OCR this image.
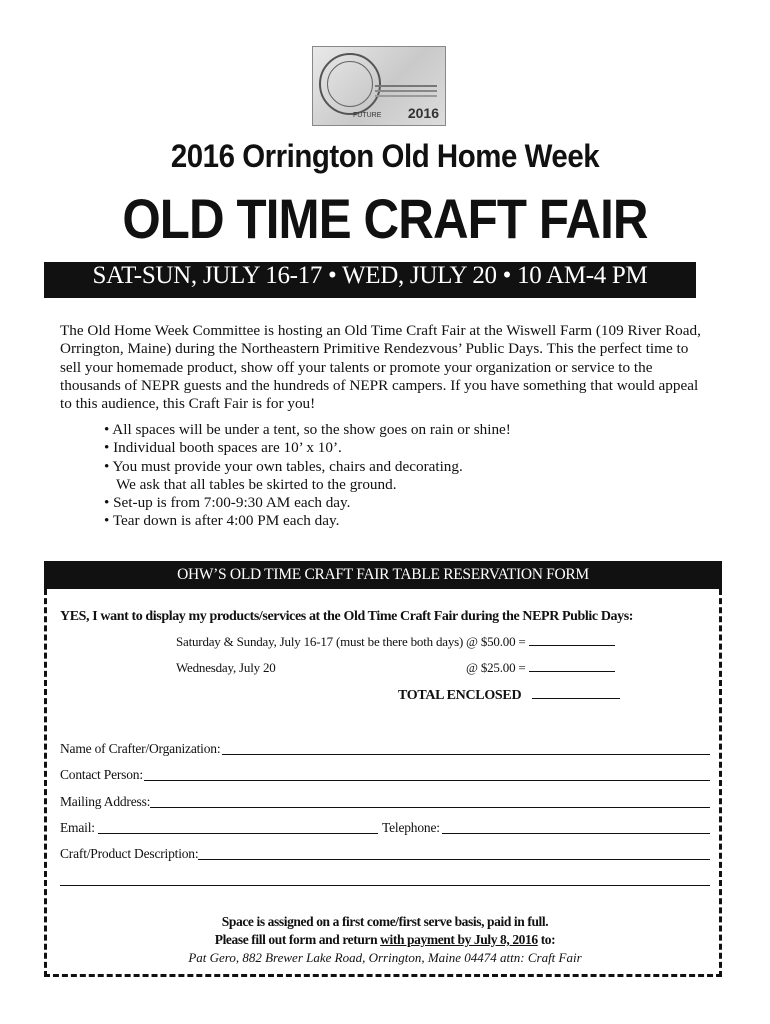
FUTURE 2016
2016 Orrington Old Home Week
OLD TIME CRAFT FAIR
SAT-SUN, JULY 16-17 • WED, JULY 20 • 10 AM-4 PM
The Old Home Week Committee is hosting an Old Time Craft Fair at the Wiswell Farm (109 River Road, Orrington, Maine) during the Northeastern Primitive Rendezvous’ Public Days. This the perfect time to sell your homemade product, show off your talents or promote your organization or service to the thousands of NEPR guests and the hundreds of NEPR campers. If you have something that would appeal to this audience, this Craft Fair is for you!
• All spaces will be under a tent, so the show goes on rain or shine!
• Individual booth spaces are 10’ x 10’.
• You must provide your own tables, chairs and decorating.
We ask that all tables be skirted to the ground.
• Set-up is from 7:00-9:30 AM each day.
• Tear down is after 4:00 PM each day.
OHW’S OLD TIME CRAFT FAIR TABLE RESERVATION FORM
YES, I want to display my products/services at the Old Time Craft Fair during the NEPR Public Days:
Saturday & Sunday, July 16-17 (must be there both days) @ $50.00 =
Wednesday, July 20	@ $25.00 =
TOTAL ENCLOSED
Name of Crafter/Organization:
Contact Person:
Mailing Address:
Email:	Telephone:
Craft/Product Description:
Space is assigned on a first come/first serve basis, paid in full.
Please fill out form and return with payment by July 8, 2016 to:
Pat Gero, 882 Brewer Lake Road, Orrington, Maine 04474 attn: Craft Fair
